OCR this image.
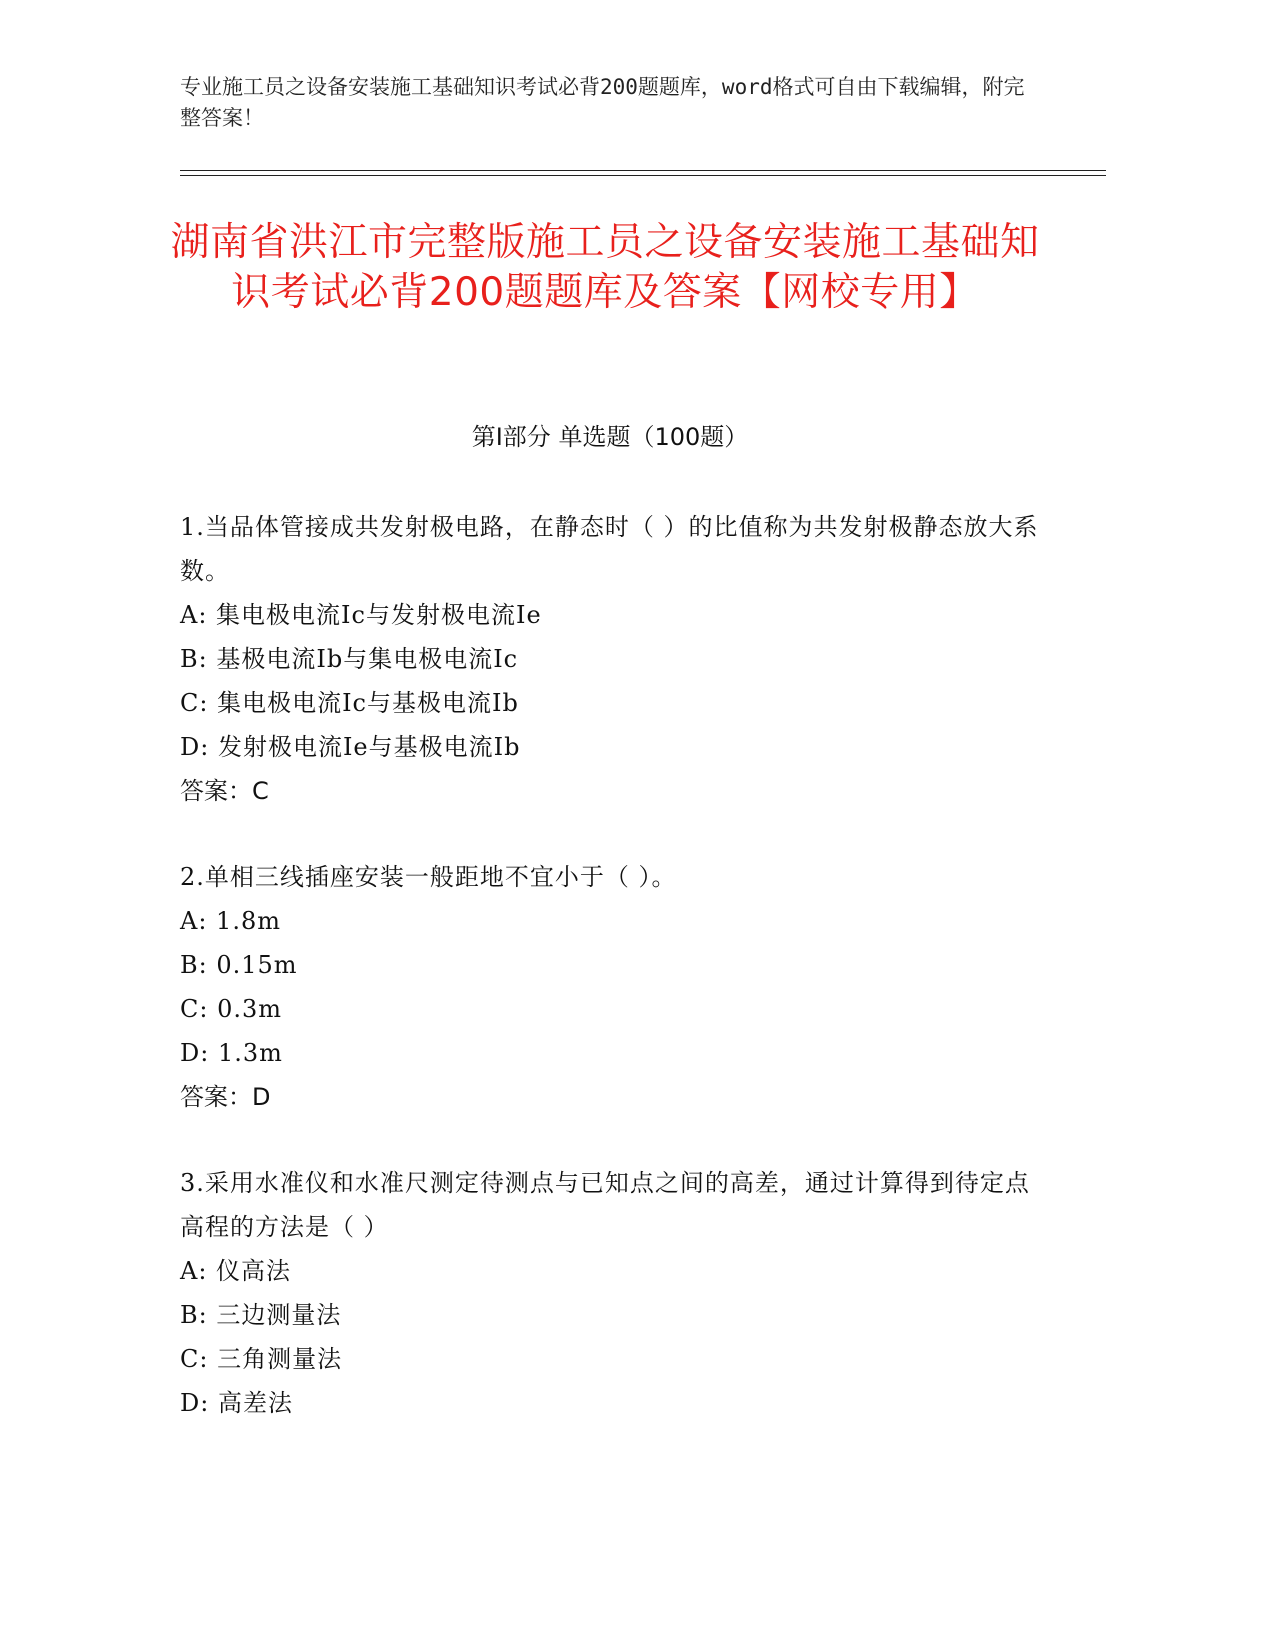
专业施工员之设备安装施工基础知识考试必背200题题库，word格式可自由下载编辑，附完整答案！
湖南省洪江市完整版施工员之设备安装施工基础知识考试必背200题题库及答案【网校专用】
第I部分 单选题（100题）
1.当品体管接成共发射极电路，在静态时（ ）的比值称为共发射极静态放大系数。
A: 集电极电流Ic与发射极电流Ie
B: 基极电流Ib与集电极电流Ic
C: 集电极电流Ic与基极电流Ib
D: 发射极电流Ie与基极电流Ib
答案：C
2.单相三线插座安装一般距地不宜小于（ ）。
A: 1.8m
B: 0.15m
C: 0.3m
D: 1.3m
答案：D
3.采用水准仪和水准尺测定待测点与已知点之间的高差，通过计算得到待定点高程的方法是（ ）
A: 仪高法
B: 三边测量法
C: 三角测量法
D: 高差法
